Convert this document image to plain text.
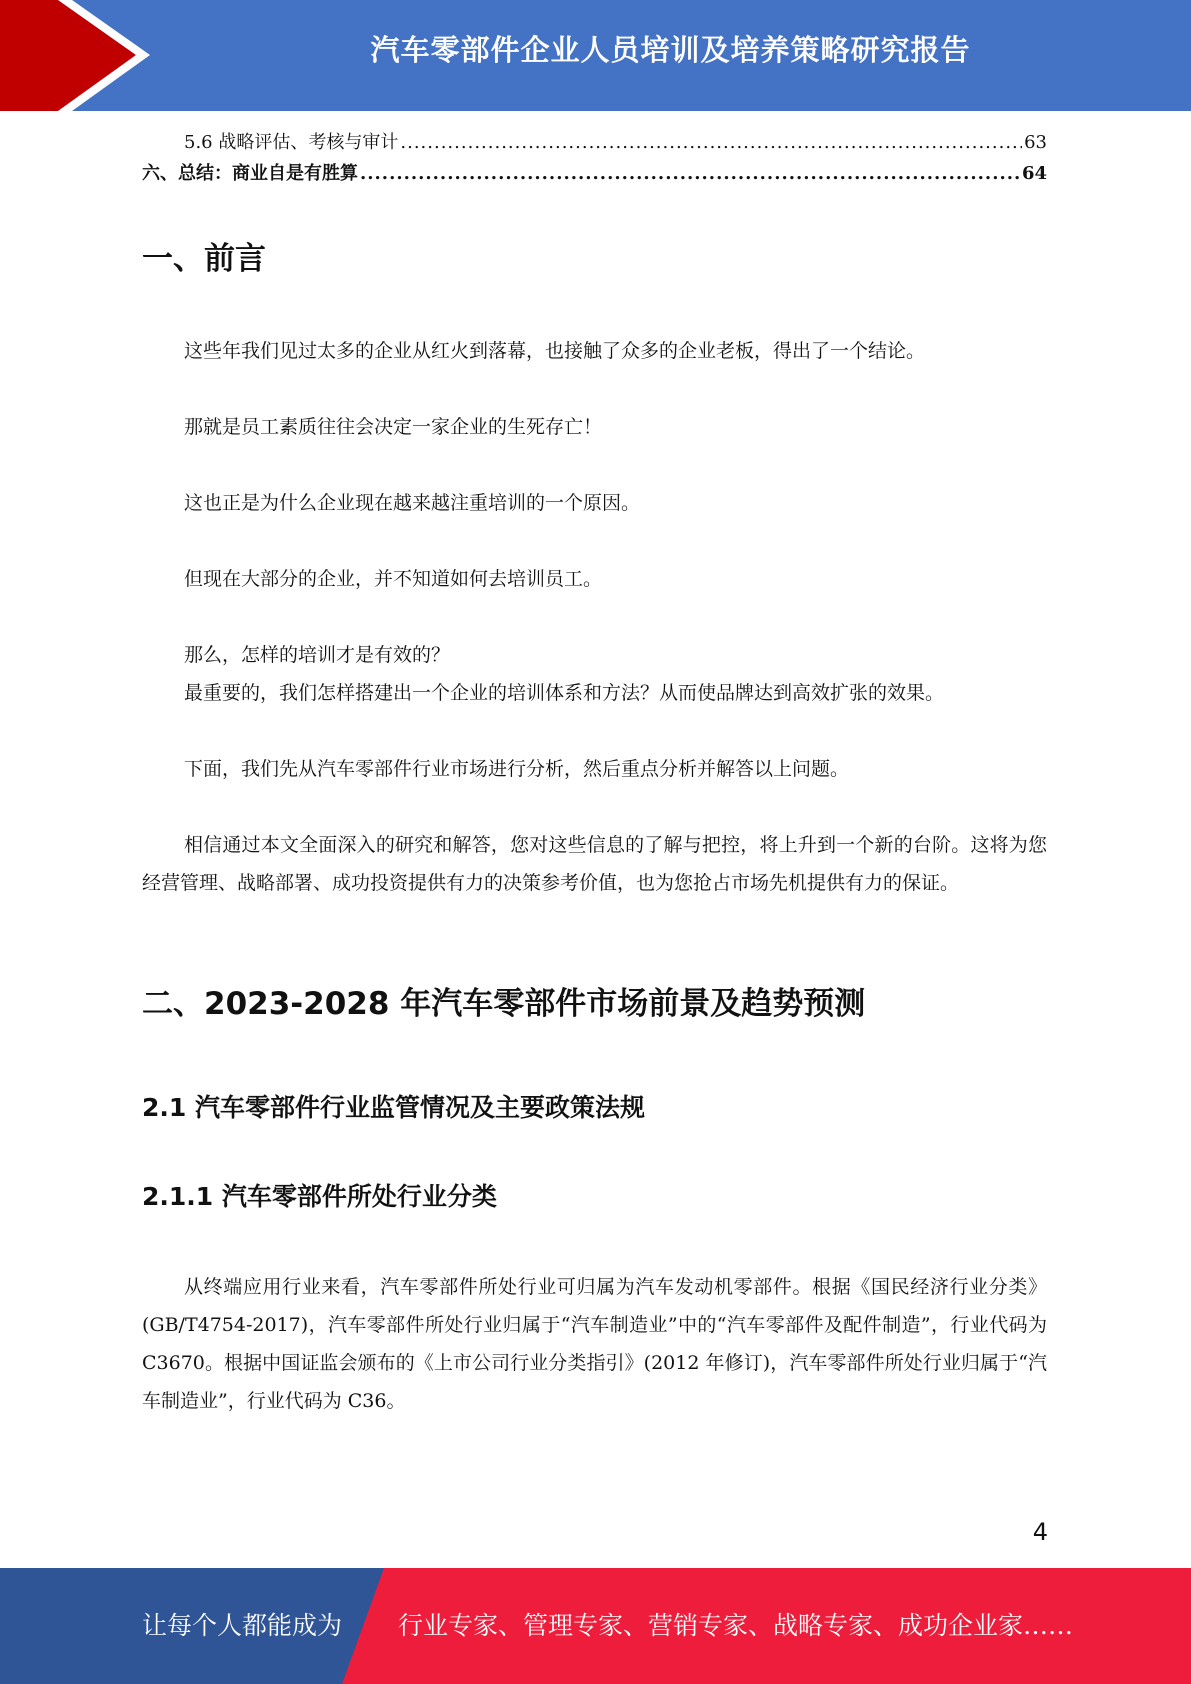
汽车零部件企业人员培训及培养策略研究报告
5.6 战略评估、考核与审计 .....	63
六、总结：商业自是有胜算 .....	64
一、前言

这些年我们见过太多的企业从红火到落幕，也接触了众多的企业老板，得出了一个结论。

那就是员工素质往往会决定一家企业的生死存亡！

这也正是为什么企业现在越来越注重培训的一个原因。

但现在大部分的企业，并不知道如何去培训员工。

那么，怎样的培训才是有效的？

最重要的，我们怎样搭建出一个企业的培训体系和方法？从而使品牌达到高效扩张的效果。

下面，我们先从汽车零部件行业市场进行分析，然后重点分析并解答以上问题。

相信通过本文全面深入的研究和解答，您对这些信息的了解与把控，将上升到一个新的台阶。这将为您经营管理、战略部署、成功投资提供有力的决策参考价值，也为您抢占市场先机提供有力的保证。

二、2023-2028 年汽车零部件市场前景及趋势预测
2.1 汽车零部件行业监管情况及主要政策法规
2.1.1 汽车零部件所处行业分类

从终端应用行业来看，汽车零部件所处行业可归属为汽车发动机零部件。根据《国民经济行业分类》(GB/T4754-2017)，汽车零部件所处行业归属于“汽车制造业”中的“汽车零部件及配件制造”，行业代码为 C3670。根据中国证监会颁布的《上市公司行业分类指引》(2012 年修订)，汽车零部件所处行业归属于“汽车制造业”，行业代码为 C36。

4
让每个人都能成为 行业专家、管理专家、营销专家、战略专家、成功企业家……
